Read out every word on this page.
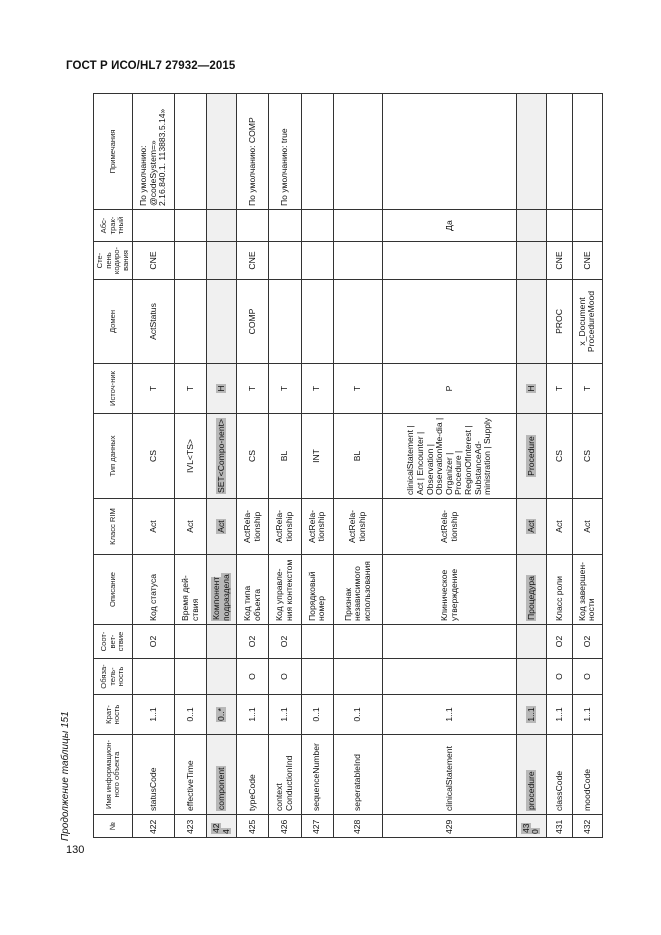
ГОСТ Р ИСО/HL7 27932—2015
Продолжение таблицы 151	№	Имя информацион-ного объекта	Крат-ность	Обяза-тель-ность	Соот-вет-ствие	Описание	Класс RIM	Тип данных	Источ-ник	Домен	Сте-пень кодиро-вания	Абс-трак-тный	Примечания
422	statusCode	1..1		O2	Код статуса	Act	CS	T	ActStatus	CNE		По умолчанию: @codeSystem=» 2.16.840.1. 113883.5.14»
423	effectiveTime	0..1			Время дей-ствия	Act	IVL<TS>	T				
424	component	0..*			Компонент подраздела	Act	SET<Compo-nent>	H				
425	typeCode	1..1	O	O2	Код типа объекта	ActRela-tionship	CS	T	COMP	CNE		По умолчанию: COMP
426	context ConductionInd	1..1	O	O2	Код управле-ния контекстом	ActRela-tionship	BL	T				По умолчанию: true
427	sequenceNumber	0..1			Порядковый номер	ActRela-tionship	INT	T				
428	seperatableInd	0..1			Признак независимого использования	ActRela-tionship	BL	T				
429	clinicalStatement	1..1			Клиническое утверждение	ActRela-tionship	clinicalStatement | Act | Encounter | Observation | ObservationMe-dia | Organizer | Procedure | RegionOfInterest | SubstanceAd-ministration | Supply	P			Да	
430	procedure	1..1			Процедура	Act	Procedure	H				
431	classCode	1..1	O	O2	Класс роли	Act	CS	T	PROC	CNE		
432	moodCode	1..1	O	O2	Код завершен-ности	Act	CS	T	x_Document ProcedureMood	CNE		
130
